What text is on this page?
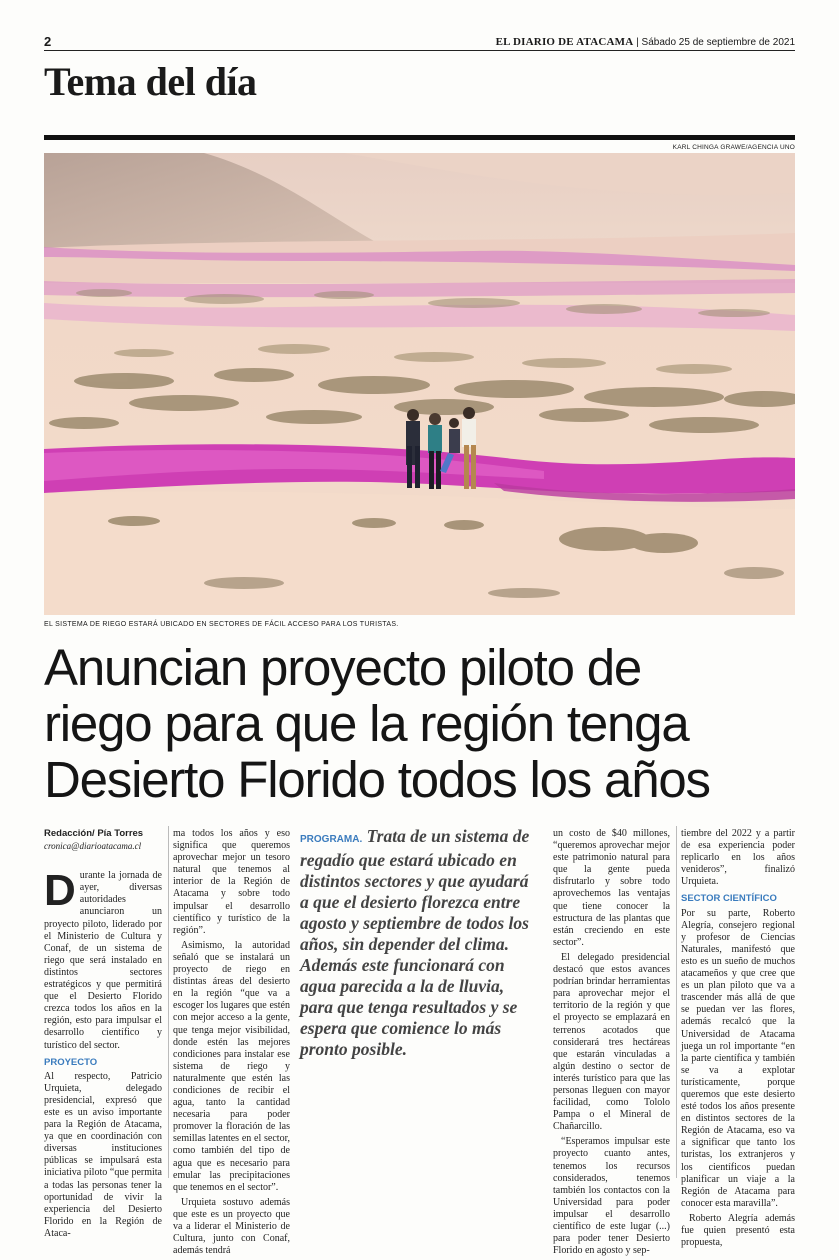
2	EL DIARIO DE ATACAMA | Sábado 25 de septiembre de 2021
Tema del día
KARL CHINGA GRAWE/AGENCIA UNO
EL SISTEMA DE RIEGO ESTARÁ UBICADO EN SECTORES DE FÁCIL ACCESO PARA LOS TURISTAS.
Anuncian proyecto piloto de
riego para que la región tenga
Desierto Florido todos los años
Redacción/ Pía Torres
cronica@diarioatacama.cl

Durante la jornada de ayer, diversas autoridades anunciaron un proyecto piloto, liderado por el Ministerio de Cultura y Conaf, de un sistema de riego que será instalado en distintos sectores estratégicos y que permitirá que el Desierto Florido crezca todos los años en la región, esto para impulsar el desarrollo científico y turístico del sector.

PROYECTO

Al respecto, Patricio Urquieta, delegado presidencial, expresó que este es un aviso importante para la Región de Atacama, ya que en coordinación con diversas instituciones públicas se impulsará esta iniciativa piloto “que permita a todas las personas tener la oportunidad de vivir la experiencia del Desierto Florido en la Región de Ataca-

ma todos los años y eso significa que queremos aprovechar mejor un tesoro natural que tenemos al interior de la Región de Atacama y sobre todo impulsar el desarrollo científico y turístico de la región”.

Asimismo, la autoridad señaló que se instalará un proyecto de riego en distintas áreas del desierto en la región “que va a escoger los lugares que estén con mejor acceso a la gente, que tenga mejor visibilidad, donde estén las mejores condiciones para instalar ese sistema de riego y naturalmente que estén las condiciones de recibir el agua, tanto la cantidad necesaria para poder promover la floración de las semillas latentes en el sector, como también del tipo de agua que es necesario para emular las precipitaciones que tenemos en el sector”.

Urquieta sostuvo además que este es un proyecto que va a liderar el Ministerio de Cultura, junto con Conaf, además tendrá

PROGRAMA. Trata de un sistema de regadío que estará ubicado en distintos sectores y que ayudará a que el desierto florezca entre agosto y septiembre de todos los años, sin depender del clima. Además este funcionará con agua parecida a la de lluvia, para que tenga resultados y se espera que comience lo más pronto posible.

un costo de $40 millones, “queremos aprovechar mejor este patrimonio natural para que la gente pueda disfrutarlo y sobre todo aprovechemos las ventajas que tiene conocer la estructura de las plantas que están creciendo en este sector”.

El delegado presidencial destacó que estos avances podrían brindar herramientas para aprovechar mejor el territorio de la región y que el proyecto se emplazará en terrenos acotados que considerará tres hectáreas que estarán vinculadas a algún destino o sector de interés turístico para que las personas lleguen con mayor facilidad, como Tololo Pampa o el Mineral de Chañarcillo.

“Esperamos impulsar este proyecto cuanto antes, tenemos los recursos considerados, tenemos también los contactos con la Universidad para poder impulsar el desarrollo científico de este lugar (...) para poder tener Desierto Florido en agosto y sep-

tiembre del 2022 y a partir de esa experiencia poder replicarlo en los años venideros”, finalizó Urquieta.

SECTOR CIENTÍFICO

Por su parte, Roberto Alegría, consejero regional y profesor de Ciencias Naturales, manifestó que esto es un sueño de muchos atacameños y que cree que es un plan piloto que va a trascender más allá de que se puedan ver las flores, además recalcó que la Universidad de Atacama juega un rol importante “en la parte científica y también se va a explotar turísticamente, porque queremos que este desierto esté todos los años presente en distintos sectores de la Región de Atacama, eso va a significar que tanto los turistas, los extranjeros y los científicos puedan planificar un viaje a la Región de Atacama para conocer esta maravilla”.

Roberto Alegría además fue quien presentó esta propuesta,
